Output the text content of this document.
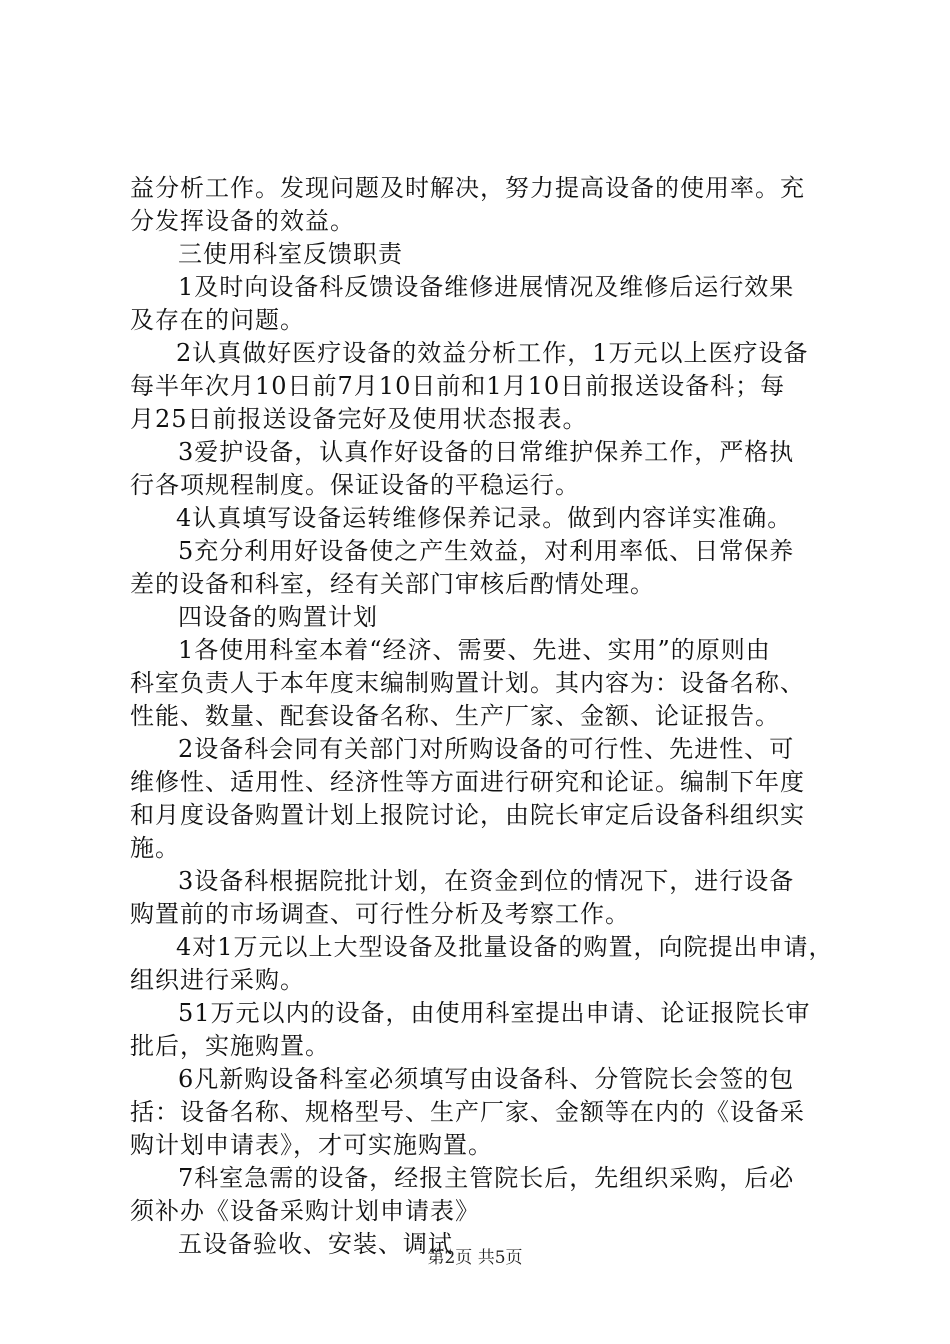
益分析工作。发现问题及时解决，努力提高设备的使用率。充
分发挥设备的效益。
三使用科室反馈职责
1及时向设备科反馈设备维修进展情况及维修后运行效果
及存在的问题。
2认真做好医疗设备的效益分析工作，1万元以上医疗设备
每半年次月10日前7月10日前和1月10日前报送设备科；每
月25日前报送设备完好及使用状态报表。
3爱护设备，认真作好设备的日常维护保养工作，严格执
行各项规程制度。保证设备的平稳运行。
4认真填写设备运转维修保养记录。做到内容详实准确。
5充分利用好设备使之产生效益，对利用率低、日常保养
差的设备和科室，经有关部门审核后酌情处理。
四设备的购置计划
1各使用科室本着“经济、需要、先进、实用”的原则由
科室负责人于本年度末编制购置计划。其内容为：设备名称、
性能、数量、配套设备名称、生产厂家、金额、论证报告。
2设备科会同有关部门对所购设备的可行性、先进性、可
维修性、适用性、经济性等方面进行研究和论证。编制下年度
和月度设备购置计划上报院讨论，由院长审定后设备科组织实
施。
3设备科根据院批计划，在资金到位的情况下，进行设备
购置前的市场调查、可行性分析及考察工作。
4对1万元以上大型设备及批量设备的购置，向院提出申请，
组织进行采购。
51万元以内的设备，由使用科室提出申请、论证报院长审
批后，实施购置。
6凡新购设备科室必须填写由设备科、分管院长会签的包
括：设备名称、规格型号、生产厂家、金额等在内的《设备采
购计划申请表》，才可实施购置。
7科室急需的设备，经报主管院长后，先组织采购，后必
须补办《设备采购计划申请表》
五设备验收、安装、调试
第2页 共5页
